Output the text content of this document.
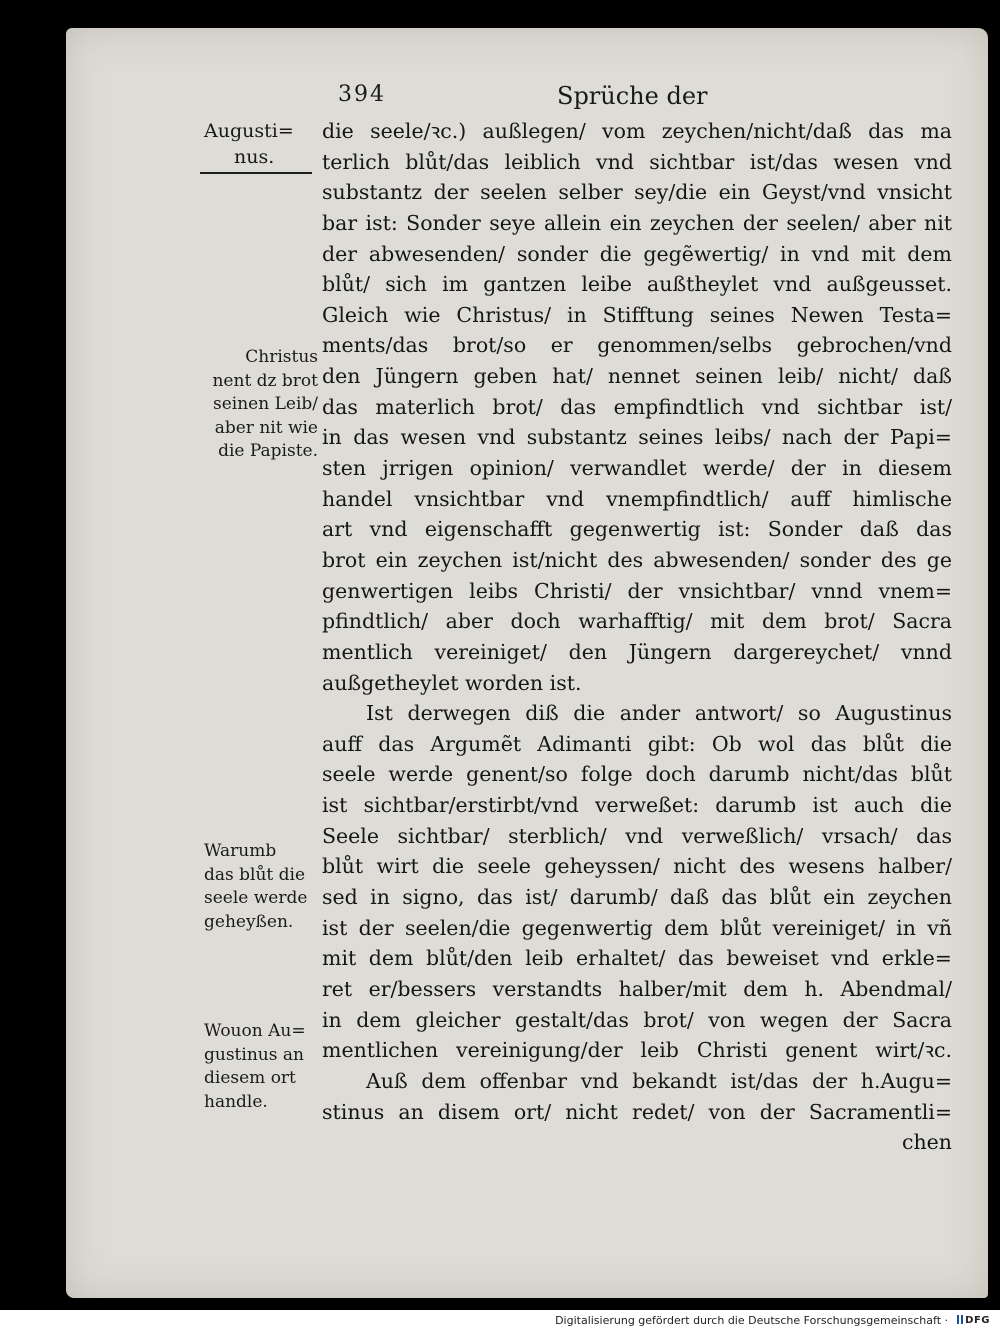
394	Sprüche der
Augusti=
nus.
Christus
nent dz brot
seinen Leib/
aber nit wie
die Papiste.
Warumb
das blůt die
seele werde
geheyßen.
Wouon Au=
gustinus an
diesem ort
handle.
die seele/ꝛc.) außlegen/ vom zeychen/nicht/daß das ma
terlich blůt/das leiblich vnd sichtbar ist/das wesen vnd
substantz der seelen selber sey/die ein Geyst/vnd vnsicht
bar ist: Sonder seye allein ein zeychen der seelen/ aber nit
der abwesenden/ sonder die gegẽwertig/ in vnd mit dem
blůt/ sich im gantzen leibe außtheylet vnd außgeusset.
Gleich wie Christus/ in Stifftung seines Newen Testa=
ments/das brot/so er genommen/selbs gebrochen/vnd
den Jüngern geben hat/ nennet seinen leib/ nicht/ daß
das materlich brot/ das empfindtlich vnd sichtbar ist/
in das wesen vnd substantz seines leibs/ nach der Papi=
sten jrrigen opinion/ verwandlet werde/ der in diesem
handel vnsichtbar vnd vnempfindtlich/ auff himlische
art vnd eigenschafft gegenwertig ist: Sonder daß das
brot ein zeychen ist/nicht des abwesenden/ sonder des ge
genwertigen leibs Christi/ der vnsichtbar/ vnnd vnem=
pfindtlich/ aber doch warhafftig/ mit dem brot/ Sacra
mentlich vereiniget/ den Jüngern dargereychet/ vnnd
außgetheylet worden ist.
Ist derwegen diß die ander antwort/ so Augustinus
auff das Argumẽt Adimanti gibt: Ob wol das blůt die
seele werde genent/so folge doch darumb nicht/das blůt
ist sichtbar/erstirbt/vnd verweßet: darumb ist auch die
Seele sichtbar/ sterblich/ vnd verweßlich/ vrsach/ das
blůt wirt die seele geheyssen/ nicht des wesens halber/
sed in signo, das ist/ darumb/ daß das blůt ein zeychen
ist der seelen/die gegenwertig dem blůt vereiniget/ in vñ
mit dem blůt/den leib erhaltet/ das beweiset vnd erkle=
ret er/bessers verstandts halber/mit dem h. Abendmal/
in dem gleicher gestalt/das brot/ von wegen der Sacra
mentlichen vereinigung/der leib Christi genent wirt/ꝛc.
Auß dem offenbar vnd bekandt ist/das der h.Augu=
stinus an disem ort/ nicht redet/ von der Sacramentli=
chen
Digitalisierung gefördert durch die Deutsche Forschungsgemeinschaft ·	DFG
